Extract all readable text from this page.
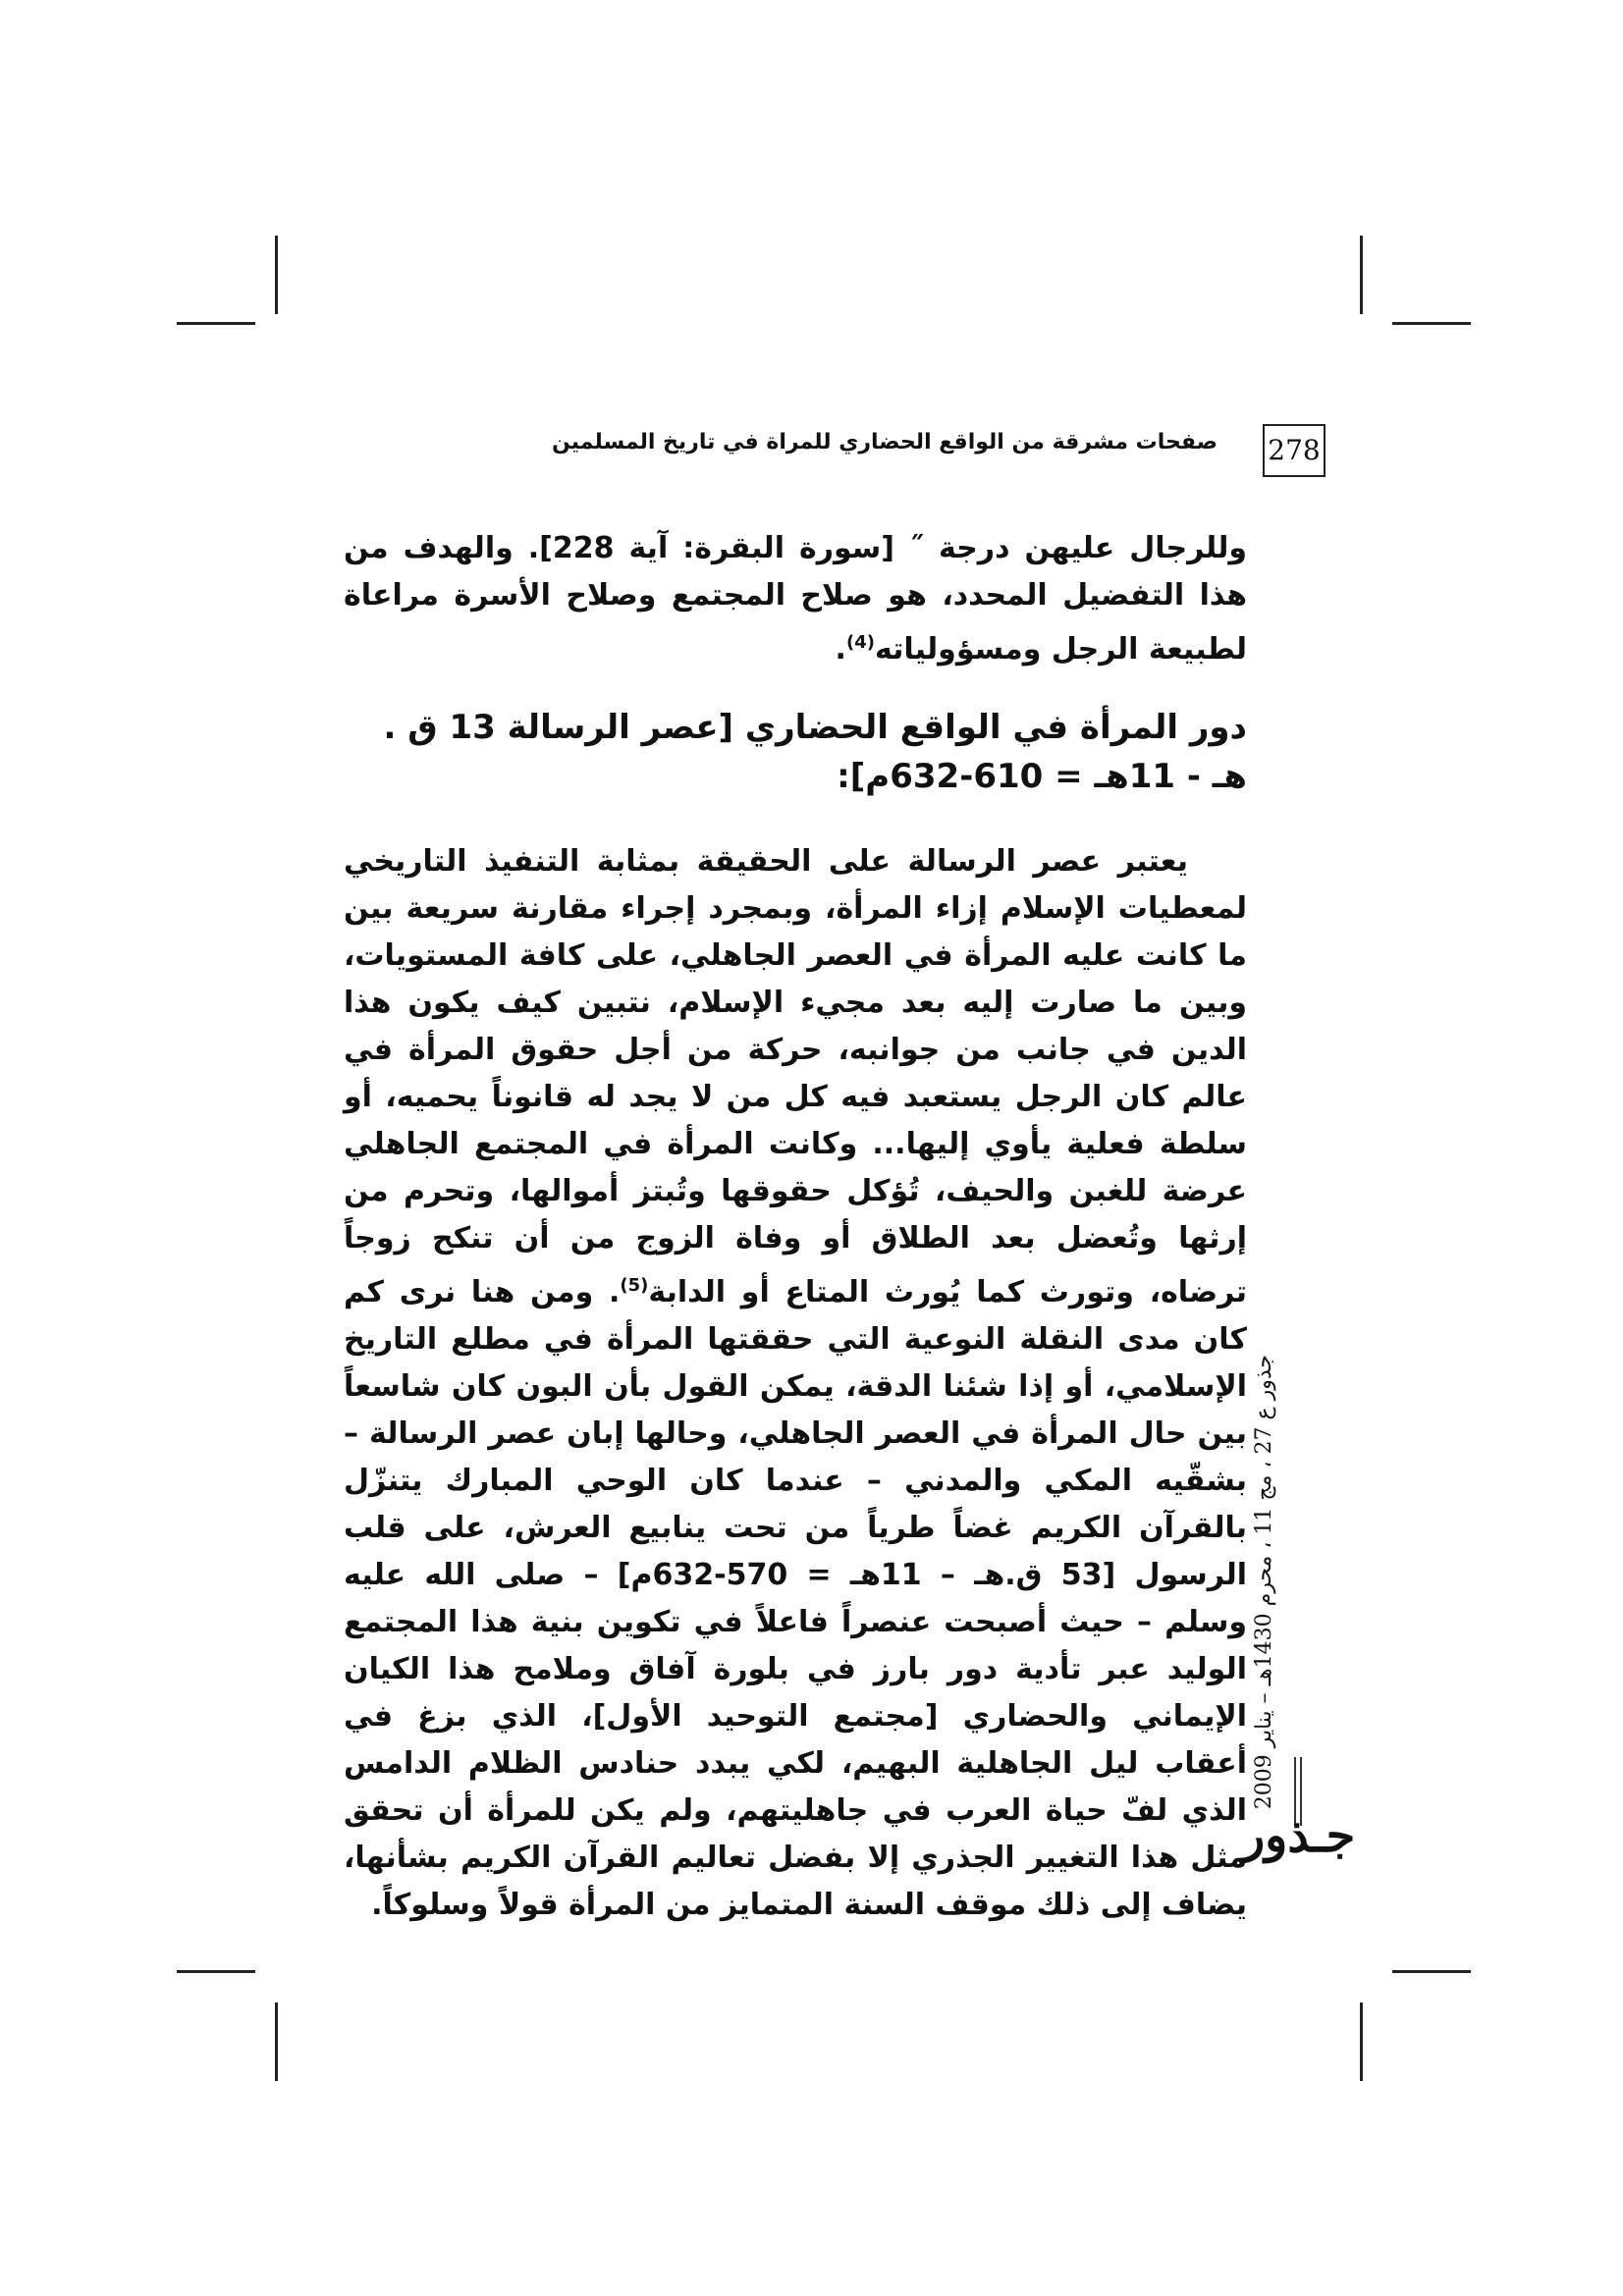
278
صفحات مشرقة من الواقع الحضاري للمراة في تاريخ المسلمين

وللرجال عليهن درجة ˝ [سورة البقرة: آية 228]. والهدف من هذا التفضيل المحدد، هو صلاح المجتمع وصلاح الأسرة مراعاة لطبيعة الرجل ومسؤولياته$^{(4)}$.

دور المرأة في الواقع الحضاري [عصر الرسالة 13 ق . هـ - 11هـ = 610-632م]:

يعتبر عصر الرسالة على الحقيقة بمثابة التنفيذ التاريخي لمعطيات الإسلام إزاء المرأة، وبمجرد إجراء مقارنة سريعة بين ما كانت عليه المرأة في العصر الجاهلي، على كافة المستويات، وبين ما صارت إليه بعد مجيء الإسلام، نتبين كيف يكون هذا الدين في جانب من جوانبه، حركة من أجل حقوق المرأة في عالم كان الرجل يستعبد فيه كل من لا يجد له قانوناً يحميه، أو سلطة فعلية يأوي إليها... وكانت المرأة في المجتمع الجاهلي عرضة للغبن والحيف، تُؤكل حقوقها وتُبتز أموالها، وتحرم من إرثها وتُعضل بعد الطلاق أو وفاة الزوج من أن تنكح زوجاً ترضاه، وتورث كما يُورث المتاع أو الدابة$^{(5)}$. ومن هنا نرى كم كان مدى النقلة النوعية التي حققتها المرأة في مطلع التاريخ الإسلامي، أو إذا شئنا الدقة، يمكن القول بأن البون كان شاسعاً بين حال المرأة في العصر الجاهلي، وحالها إبان عصر الرسالة – بشقّيه المكي والمدني – عندما كان الوحي المبارك يتنزّل بالقرآن الكريم غضاً طرياً من تحت ينابيع العرش، على قلب الرسول [53 ق.هـ – 11هـ = 570-632م] – صلى الله عليه وسلم – حيث أصبحت عنصراً فاعلاً في تكوين بنية هذا المجتمع الوليد عبر تأدية دور بارز في بلورة آفاق وملامح هذا الكيان الإيماني والحضاري [مجتمع التوحيد الأول]، الذي بزغ في أعقاب ليل الجاهلية البهيم، لكي يبدد حنادس الظلام الدامس الذي لفّ حياة العرب في جاهليتهم، ولم يكن للمرأة أن تحقق مثل هذا التغيير الجذري إلا بفضل تعاليم القرآن الكريم بشأنها، يضاف إلى ذلك موقف السنة المتمايز من المرأة قولاً وسلوكاً.

جذور ع 27 ، مج 11 ، محرم 1430هـ – يناير 2009
جـذور
